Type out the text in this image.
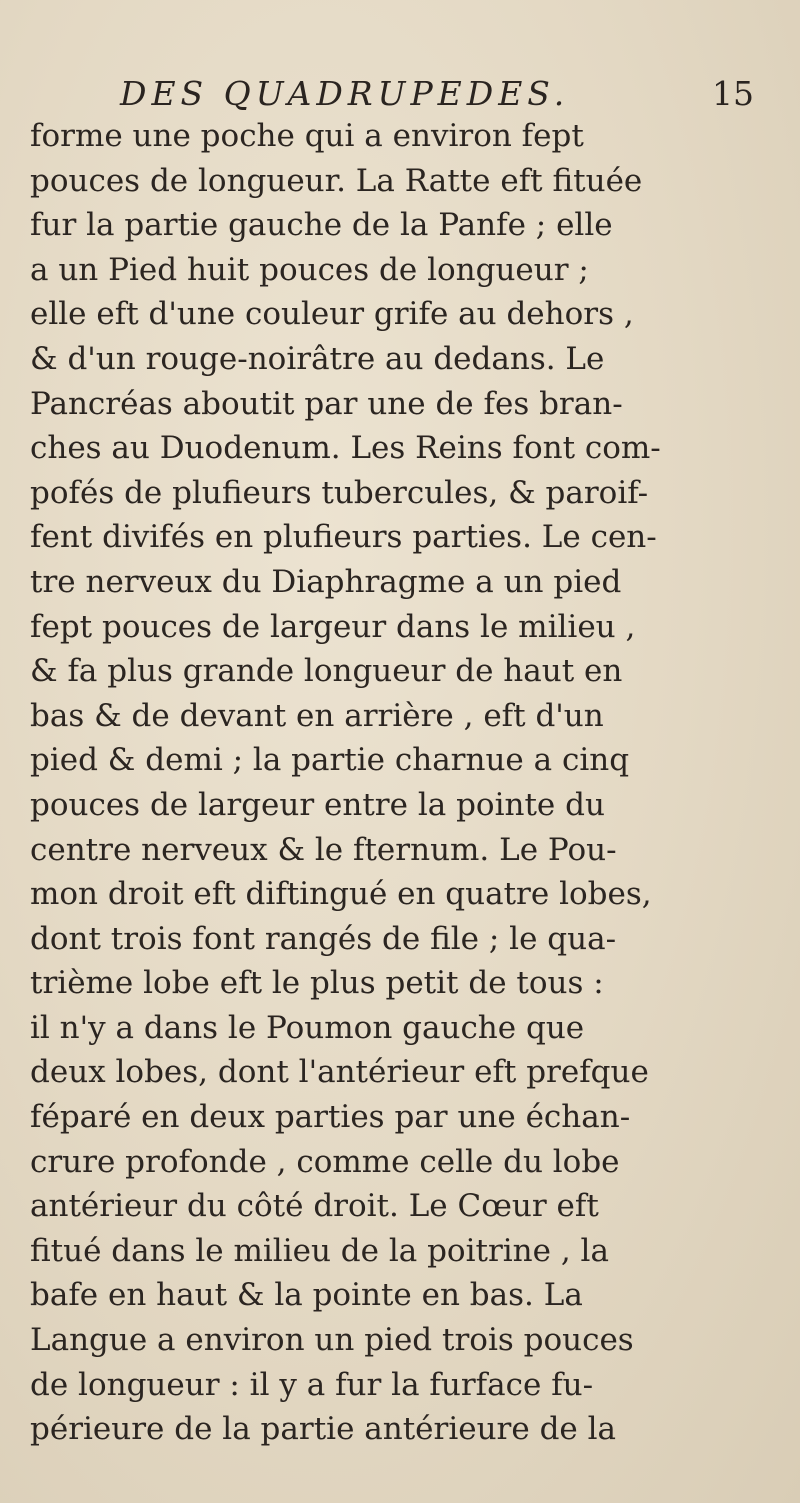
DES QUADRUPEDES.	15
forme une poche qui a environ fept
pouces de longueur. La Ratte eft fituée
fur la partie gauche de la Panfe ; elle
a un Pied huit pouces de longueur ;
elle eft d'une couleur grife au dehors ,
& d'un rouge-noirâtre au dedans. Le
Pancréas aboutit par une de fes bran-
ches au Duodenum. Les Reins font com-
pofés de plufieurs tubercules, & paroif-
fent divifés en plufieurs parties. Le cen-
tre nerveux du Diaphragme a un pied
fept pouces de largeur dans le milieu ,
& fa plus grande longueur de haut en
bas & de devant en arrière , eft d'un
pied & demi ; la partie charnue a cinq
pouces de largeur entre la pointe du
centre nerveux & le fternum. Le Pou-
mon droit eft diftingué en quatre lobes,
dont trois font rangés de file ; le qua-
trième lobe eft le plus petit de tous :
il n'y a dans le Poumon gauche que
deux lobes, dont l'antérieur eft prefque
féparé en deux parties par une échan-
crure profonde , comme celle du lobe
antérieur du côté droit. Le Cœur eft
fitué dans le milieu de la poitrine , la
bafe en haut & la pointe en bas. La
Langue a environ un pied trois pouces
de longueur : il y a fur la furface fu-
périeure de la partie antérieure de la
